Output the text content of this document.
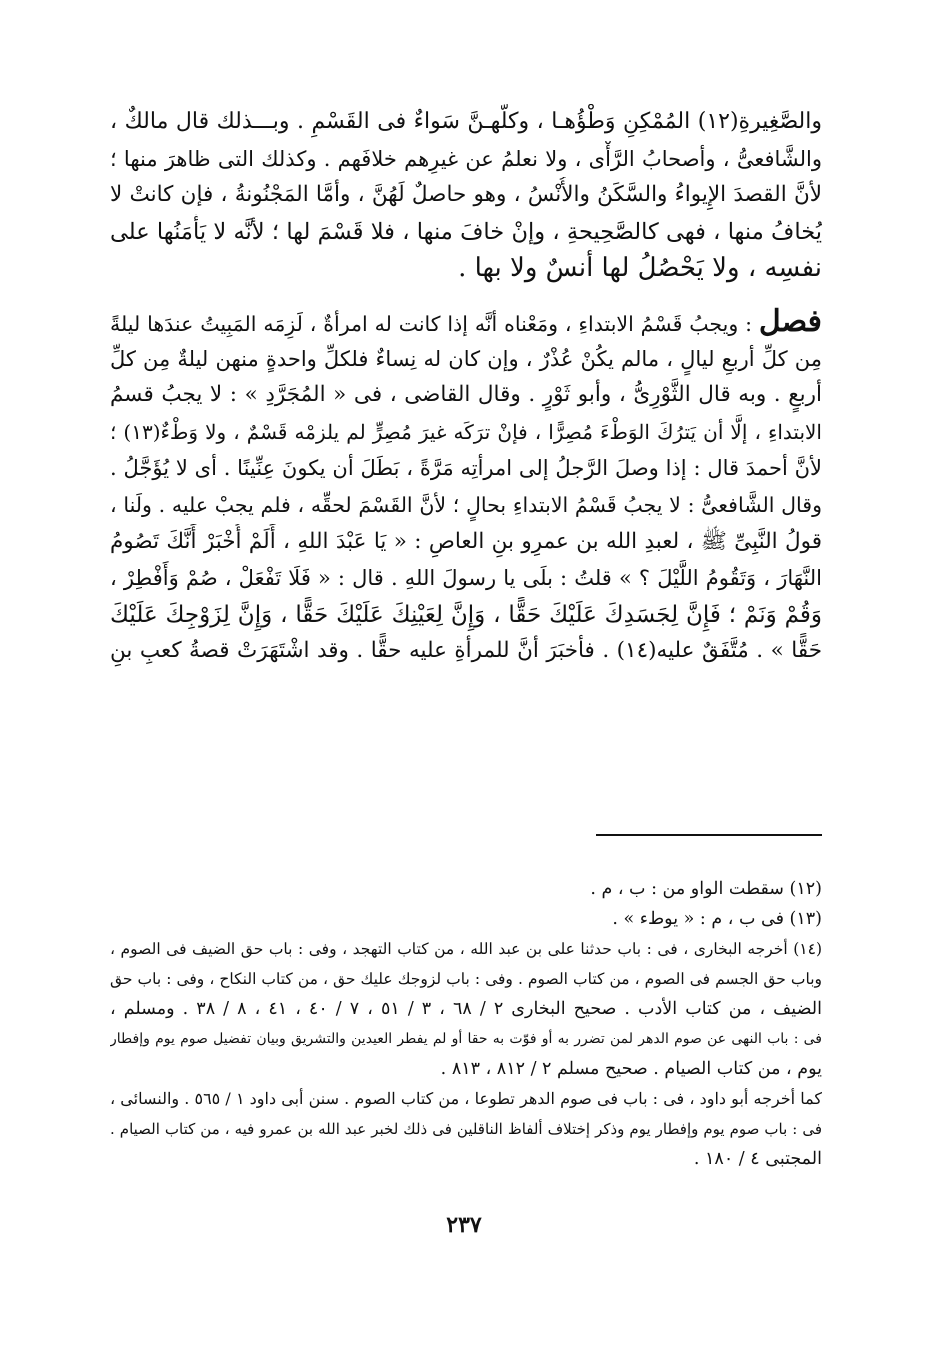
والصَّغِيرةِ(١٢) المُمْكِنِ وَطْؤُهـا ، وكلُّهـنَّ سَواءٌ فى القَسْمِ . وبـــذلك قال مالكٌ ،
والشَّافعىُّ ، وأصحابُ الرَّأْى ، ولا نعلمُ عن غيرِهم خلافَهم . وكذلك التى ظاهرَ منها ؛
لأنَّ القصدَ الإِيواءُ والسَّكَنُ والأُنْسُ ، وهو حاصلٌ لَهُنَّ ، وأمَّا المَجْنُونةُ ، فإن كانتْ لا
يُخافُ منها ، فهى كالصَّحِيحةِ ، وإنْ خافَ منها ، فلا قَسْمَ لها ؛ لأنَّه لا يَأْمَنُها على
نفسِه ، ولا يَحْصُلُ لها أُنسٌ ولا بها .
فصل : ويجبُ قَسْمُ الابتداءِ ، ومَعْناه أنَّه إذا كانت له امرأةٌ ، لَزِمَه المَبِيتُ عندَها ليلةً
مِن كلِّ أربعِ ليالٍ ، مالم يكُنْ عُذْرٌ ، وإن كان له نِساءٌ فلكلِّ واحدةٍ منهن ليلةٌ مِن كلِّ
أربعٍ . وبه قال الثَّوْرِىُّ ، وأبو ثَوْرٍ . وقال القاضى ، فى « المُجَرَّدِ » : لا يجبُ قسمُ
الابتداءِ ، إلَّا أن يَترُكَ الوَطْءَ مُصِرًّا ، فإنْ ترَكَه غيرَ مُصِرٍّ لم يلزمْه قَسْمٌ ، ولا وَطْءٌ(١٣) ؛
لأنَّ أحمدَ قال : إذا وصلَ الرَّجلُ إلى امرأتِه مَرَّةً ، بَطَلَ أن يكونَ عِنِّينًا . أى لا يُؤَجَّلُ .
وقال الشَّافعىُّ : لا يجبُ قَسْمُ الابتداءِ بحالٍ ؛ لأنَّ القَسْمَ لحقِّه ، فلم يجبْ عليه . ولَنا ،
قولُ النَّبِىِّ ﷺ ، لعبدِ الله بن عمرِو بنِ العاصِ : « يَا عَبْدَ اللهِ ، أَلَمْ أُخْبَرْ أَنَّكَ تَصُومُ
النَّهَارَ ، وَتَقُومُ اللَّيْلَ ؟ » قلتُ : بلَى يا رسولَ اللهِ . قال : « فَلَا تَفْعَلْ ، صُمْ وَأَفْطِرْ ،
وَقُمْ وَنَمْ ؛ فَإِنَّ لِجَسَدِكَ عَلَيْكَ حَقًّا ، وَإِنَّ لِعَيْنِكَ عَلَيْكَ حَقًّا ، وَإِنَّ لِزَوْجِكَ عَلَيْكَ
حَقًّا » . مُتَّفَقٌ عليه(١٤) . فأخبَرَ أنَّ للمرأةِ عليه حقًّا . وقد اشْتَهَرَتْ قصةُ كعبِ بنِ
(١٢) سقطت الواو من : ب ، م .
(١٣) فى ب ، م : « يوطء » .
(١٤) أخرجه البخارى ، فى : باب حدثنا على بن عبد الله ، من كتاب التهجد ، وفى : باب حق الضيف فى الصوم ،
وباب حق الجسم فى الصوم ، من كتاب الصوم . وفى : باب لزوجك عليك حق ، من كتاب النكاح ، وفى : باب حق
الضيف ، من كتاب الأدب . صحيح البخارى ٢ / ٦٨ ، ٣ / ٥١ ، ٧ / ٤٠ ، ٤١ ، ٨ / ٣٨ . ومسلم ،
فى : باب النهى عن صوم الدهر لمن تضرر به أو فوّت به حقا أو لم يفطر العيدين والتشريق وبيان تفضيل صوم يوم وإفطار
يوم ، من كتاب الصيام . صحيح مسلم ٢ / ٨١٢ ، ٨١٣ .
كما أخرجه أبو داود ، فى : باب فى صوم الدهر تطوعا ، من كتاب الصوم . سنن أبى داود ١ / ٥٦٥ . والنسائى ،
فى : باب صوم يوم وإفطار يوم وذكر إختلاف ألفاظ الناقلين فى ذلك لخبر عبد الله بن عمرو فيه ، من كتاب الصيام .
المجتبى ٤ / ١٨٠ .
٢٣٧
